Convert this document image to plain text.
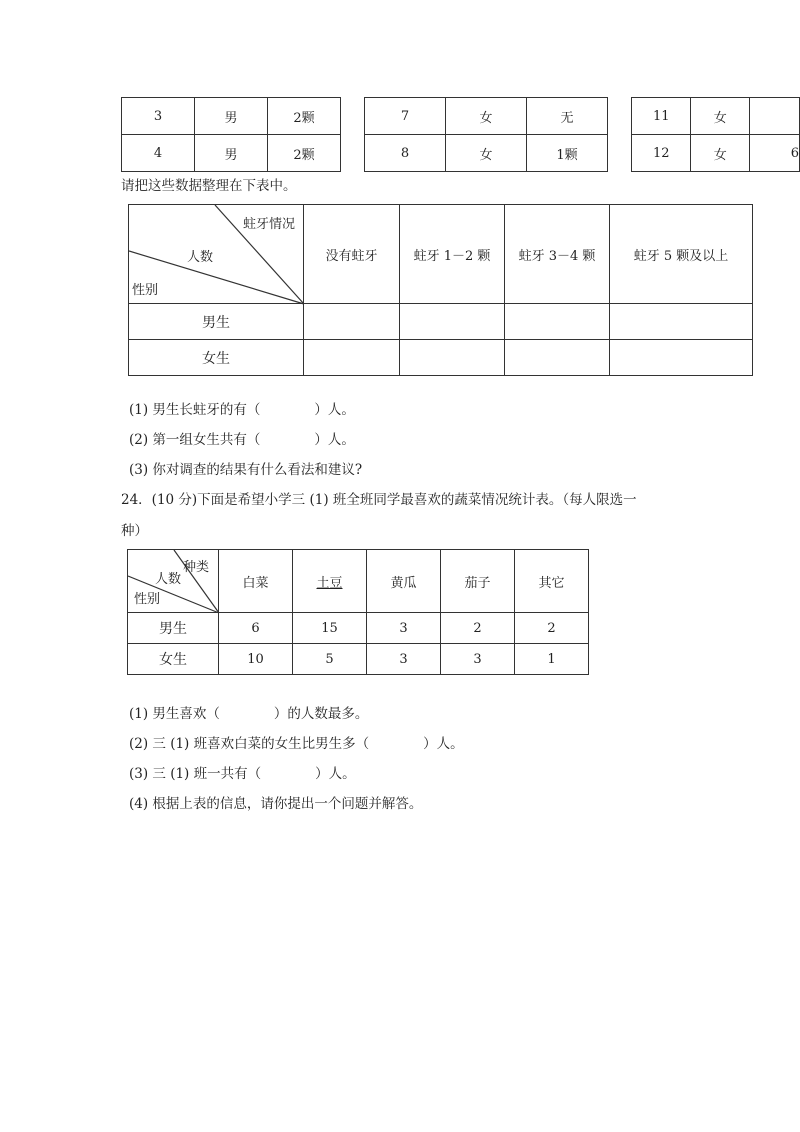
3	男	2颗
4	男	2颗
7	女	无
8	女	1颗
11	女	
12	女	6
请把这些数据整理在下表中。
蛀牙情况
人数
性别	没有蛀牙	蛀牙 1－2 颗	蛀牙 3－4 颗	蛀牙 5 颗及以上
男生				
女生				
(1) 男生长蛀牙的有（　　　　）人。
(2) 第一组女生共有（　　　　）人。
(3) 你对调查的结果有什么看法和建议?
24．(10 分)下面是希望小学三 (1) 班全班同学最喜欢的蔬菜情况统计表。（每人限选一
种）
种类
人数
性别	白菜	土豆	黄瓜	茄子	其它
男生	6	15	3	2	2
女生	10	5	3	3	1
(1) 男生喜欢（　　　　）的人数最多。
(2) 三 (1) 班喜欢白菜的女生比男生多（　　　　）人。
(3) 三 (1) 班一共有（　　　　）人。
(4) 根据上表的信息，请你提出一个问题并解答。
